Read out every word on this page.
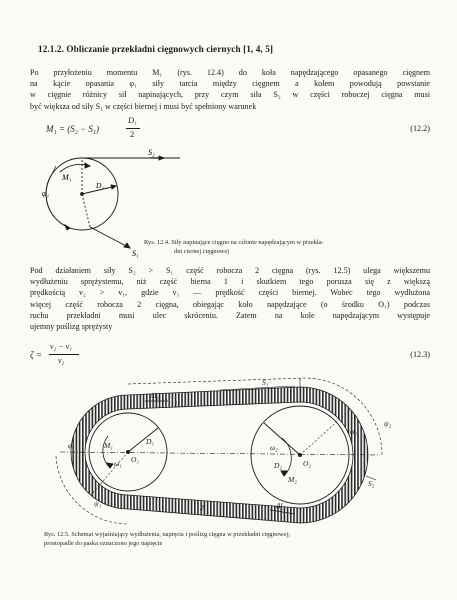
12.1.2. Obliczanie przekładni cięgnowych ciernych [1, 4, 5]
Po przyłożeniu momentu M₁ (rys. 12.4) do koła napędzającego opasanego cięgnem
na kącie opasania φ₁ siły tarcia między cięgnem a kołem powodują powstanie
w cięgnie różnicy sił napinających, przy czym siła S₂ w części roboczej cięgna musi
być większa od siły S₁ w części biernej i musi być spełniony warunek
M₁ = (S₂ − S₁)
D₁
2
(12.2)
S₂
S₁
M₁
D₁
φ₁
Rys. 12.4. Siły napinające cięgno na członie napędzającym w przekła-
dni ciernej cięgnowej
Pod działaniem siły S₂ > S₁ część robocza 2 cięgna (rys. 12.5) ulega większemu
wydłużeniu sprężystemu, niż część bierna 1 i skutkiem tego porusza się z większą
prędkością v₂ > v₁, gdzie v₁ — prędkość części biernej. Wobec tego wydłużona
więcej część robocza 2 cięgna, obiegając koło napędzające (o środku O₁) podczas
ruchu przekładni musi ulec skróceniu. Zatem na kole napędzającym występuje
ujemny poślizg sprężysty
ζ =
v₂ − v₁
v₂
(12.3)
S₁
S₂
1
2
M₁
M₂
O₁	O₂
D₁
D₂
ω₁
ω₂
Δl₁
Δl₂
φ₁
φ₂
ψ₁
ψ₂
Rys. 12.5. Schemat wyjaśniający wydłużenia, napięcia i poślizg cięgna w przekładni cięgnowej;
prostopadle do paska oznaczono jego napięcie
